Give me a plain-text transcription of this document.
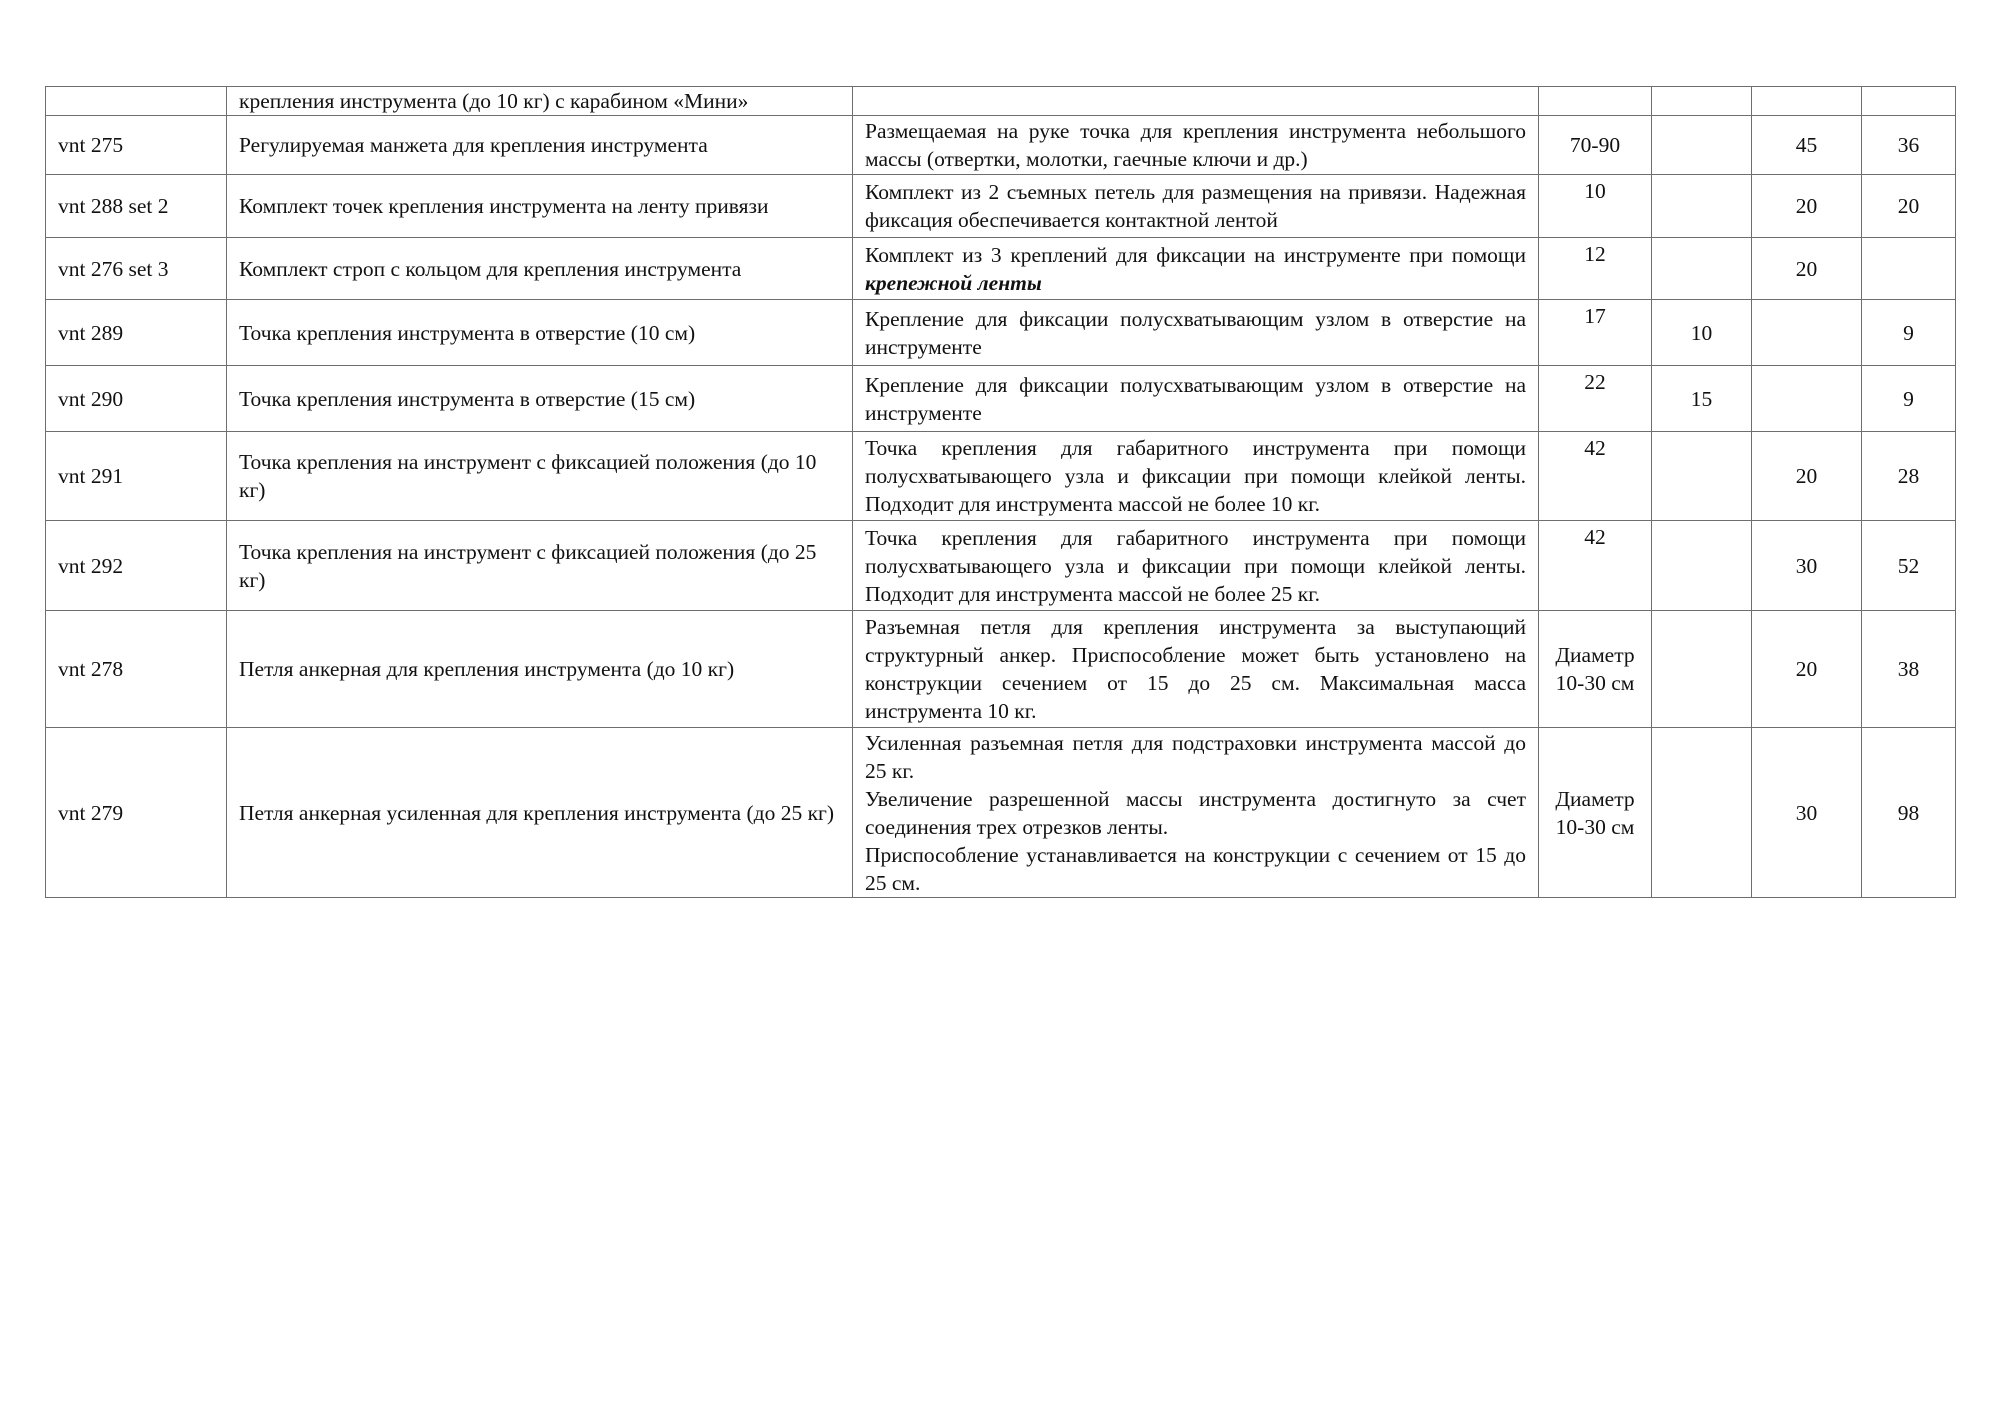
	крепления инструмента (до 10 кг) с карабином «Мини»					
vnt 275	Регулируемая манжета для крепления инструмента	Размещаемая на руке точка для крепления инструмента небольшого массы (отвертки, молотки, гаечные ключи и др.)	70-90		45	36
vnt 288 set 2	Комплект точек крепления инструмента на ленту привязи	Комплект из 2 съемных петель для размещения на привязи. Надежная фиксация обеспечивается контактной лентой	10		20	20
vnt 276 set 3	Комплект строп с кольцом для крепления инструмента	Комплект из 3 креплений для фиксации на инструменте при помощи крепежной ленты	12		20	
vnt 289	Точка крепления инструмента в отверстие (10 см)	Крепление для фиксации полусхватывающим узлом в отверстие на инструменте	17	10		9
vnt 290	Точка крепления инструмента в отверстие (15 см)	Крепление для фиксации полусхватывающим узлом в отверстие на инструменте	22	15		9
vnt 291	Точка крепления на инструмент с фиксацией положения (до 10 кг)	Точка крепления для габаритного инструмента при помощи полусхватывающего узла и фиксации при помощи клейкой ленты. Подходит для инструмента массой не более 10 кг.	42		20	28
vnt 292	Точка крепления на инструмент с фиксацией положения (до 25 кг)	Точка крепления для габаритного инструмента при помощи полусхватывающего узла и фиксации при помощи клейкой ленты. Подходит для инструмента массой не более 25 кг.	42		30	52
vnt 278	Петля анкерная для крепления инструмента (до 10 кг)	Разъемная петля для крепления инструмента за выступающий структурный анкер. Приспособление может быть установлено на конструкции сечением от 15 до 25 см. Максимальная масса инструмента 10 кг.	Диаметр 10-30 см		20	38
vnt 279	Петля анкерная усиленная для крепления инструмента (до 25 кг)	Усиленная разъемная петля для подстраховки инструмента массой до 25 кг.
Увеличение разрешенной массы инструмента достигнуто за счет соединения трех отрезков ленты.
Приспособление устанавливается на конструкции с сечением от 15 до 25 см.	Диаметр 10-30 см		30	98
